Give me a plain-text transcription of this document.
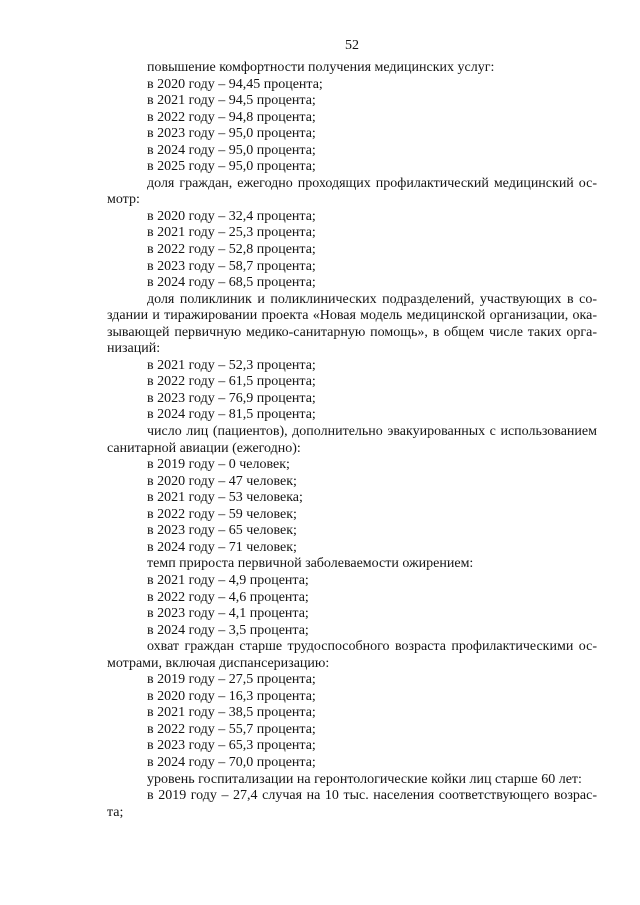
52
повышение комфортности получения медицинских услуг:
в 2020 году – 94,45 процента;
в 2021 году – 94,5 процента;
в 2022 году – 94,8 процента;
в 2023 году – 95,0 процента;
в 2024 году – 95,0 процента;
в 2025 году – 95,0 процента;
доля граждан, ежегодно проходящих профилактический медицинский ос-
мотр:
в 2020 году – 32,4 процента;
в 2021 году – 25,3 процента;
в 2022 году – 52,8 процента;
в 2023 году – 58,7 процента;
в 2024 году – 68,5 процента;
доля поликлиник и поликлинических подразделений, участвующих в со-
здании и тиражировании проекта «Новая модель медицинской организации, ока-
зывающей первичную медико-санитарную помощь», в общем числе таких орга-
низаций:
в 2021 году – 52,3 процента;
в 2022 году – 61,5 процента;
в 2023 году – 76,9 процента;
в 2024 году – 81,5 процента;
число лиц (пациентов), дополнительно эвакуированных с использованием
санитарной авиации (ежегодно):
в 2019 году – 0 человек;
в 2020 году – 47 человек;
в 2021 году – 53 человека;
в 2022 году – 59 человек;
в 2023 году – 65 человек;
в 2024 году – 71 человек;
темп прироста первичной заболеваемости ожирением:
в 2021 году – 4,9 процента;
в 2022 году – 4,6 процента;
в 2023 году – 4,1 процента;
в 2024 году – 3,5 процента;
охват граждан старше трудоспособного возраста профилактическими ос-
мотрами, включая диспансеризацию:
в 2019 году – 27,5 процента;
в 2020 году – 16,3 процента;
в 2021 году – 38,5 процента;
в 2022 году – 55,7 процента;
в 2023 году – 65,3 процента;
в 2024 году – 70,0 процента;
уровень госпитализации на геронтологические койки лиц старше 60 лет:
в 2019 году – 27,4 случая на 10 тыс. населения соответствующего возрас-
та;
